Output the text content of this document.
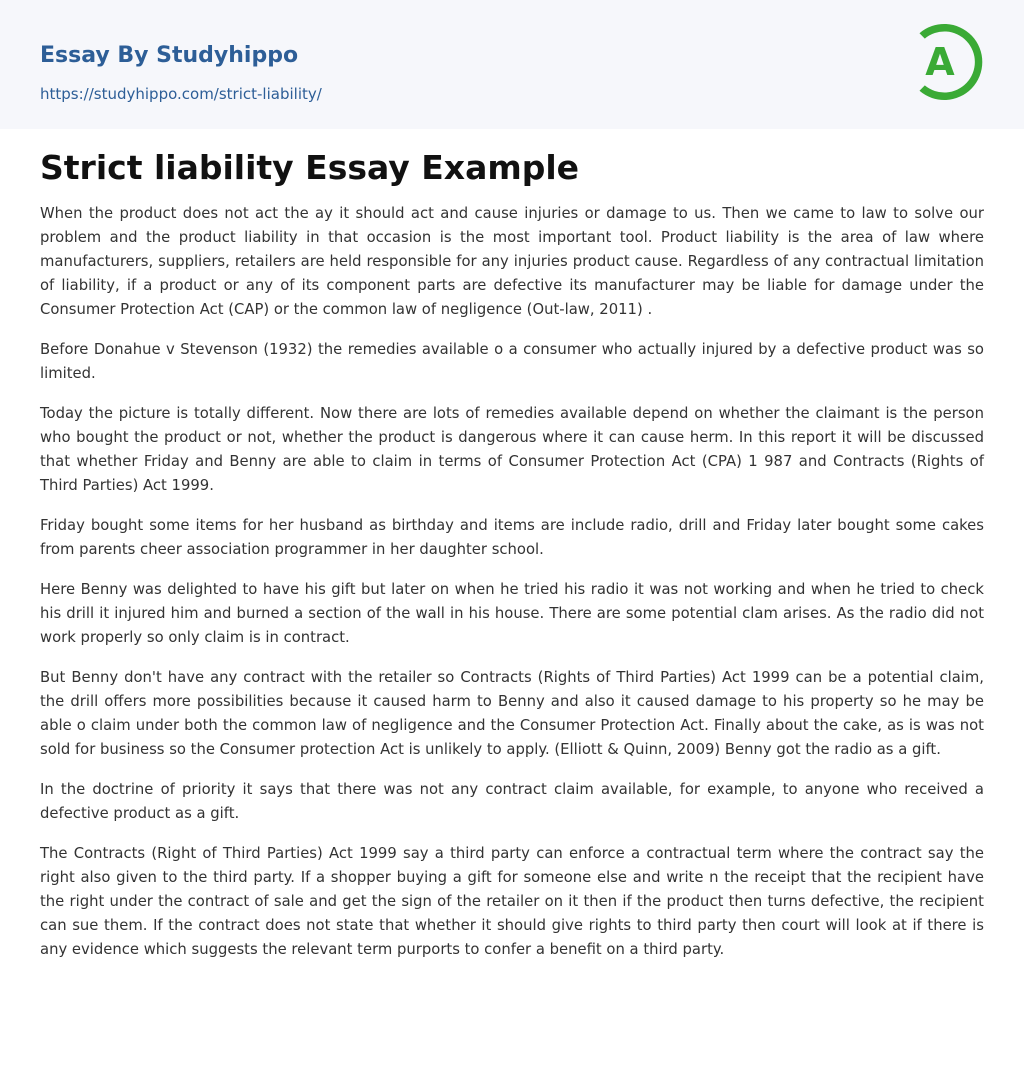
Essay By Studyhippo
https://studyhippo.com/strict-liability/
A
Strict liability Essay Example

When the product does not act the ay it should act and cause injuries or damage to us. Then we came to law to solve our problem and the product liability in that occasion is the most important tool. Product liability is the area of law where manufacturers, suppliers, retailers are held responsible for any injuries product cause. Regardless of any contractual limitation of liability, if a product or any of its component parts are defective its manufacturer may be liable for damage under the Consumer Protection Act (CAP) or the common law of negligence (Out-law, 2011) .

Before Donahue v Stevenson (1932) the remedies available o a consumer who actually injured by a defective product was so limited.

Today the picture is totally different. Now there are lots of remedies available depend on whether the claimant is the person who bought the product or not, whether the product is dangerous where it can cause herm. In this report it will be discussed that whether Friday and Benny are able to claim in terms of Consumer Protection Act (CPA) 1 987 and Contracts (Rights of Third Parties) Act 1999.

Friday bought some items for her husband as birthday and items are include radio, drill and Friday later bought some cakes from parents cheer association programmer in her daughter school.

Here Benny was delighted to have his gift but later on when he tried his radio it was not working and when he tried to check his drill it injured him and burned a section of the wall in his house. There are some potential clam arises. As the radio did not work properly so only claim is in contract.

But Benny don't have any contract with the retailer so Contracts (Rights of Third Parties) Act 1999 can be a potential claim, the drill offers more possibilities because it caused harm to Benny and also it caused damage to his property so he may be able o claim under both the common law of negligence and the Consumer Protection Act. Finally about the cake, as is was not sold for business so the Consumer protection Act is unlikely to apply. (Elliott & Quinn, 2009) Benny got the radio as a gift.

In the doctrine of priority it says that there was not any contract claim available, for example, to anyone who received a defective product as a gift.

The Contracts (Right of Third Parties) Act 1999 say a third party can enforce a contractual term where the contract say the right also given to the third party. If a shopper buying a gift for someone else and write n the receipt that the recipient have the right under the contract of sale and get the sign of the retailer on it then if the product then turns defective, the recipient can sue them. If the contract does not state that whether it should give rights to third party then court will look at if there is any evidence which suggests the relevant term purports to confer a benefit on a third party.
